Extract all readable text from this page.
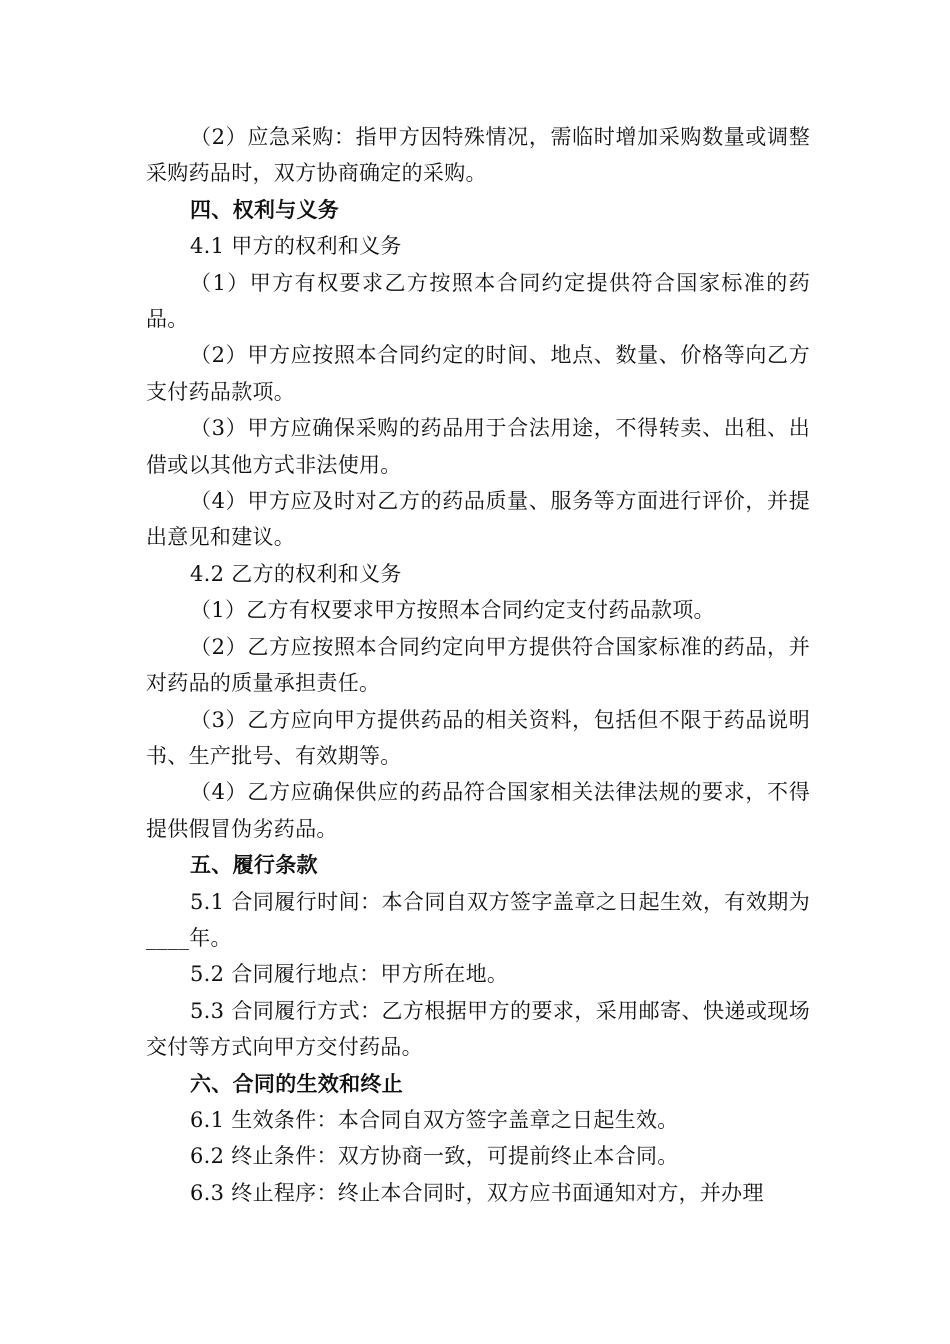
（2）应急采购：指甲方因特殊情况，需临时增加采购数量或调整采购药品时，双方协商确定的采购。

四、权利与义务

4.1 甲方的权利和义务

（1）甲方有权要求乙方按照本合同约定提供符合国家标准的药品。

（2）甲方应按照本合同约定的时间、地点、数量、价格等向乙方支付药品款项。

（3）甲方应确保采购的药品用于合法用途，不得转卖、出租、出借或以其他方式非法使用。

（4）甲方应及时对乙方的药品质量、服务等方面进行评价，并提出意见和建议。

4.2 乙方的权利和义务

（1）乙方有权要求甲方按照本合同约定支付药品款项。

（2）乙方应按照本合同约定向甲方提供符合国家标准的药品，并对药品的质量承担责任。

（3）乙方应向甲方提供药品的相关资料，包括但不限于药品说明书、生产批号、有效期等。

（4）乙方应确保供应的药品符合国家相关法律法规的要求，不得提供假冒伪劣药品。

五、履行条款

5.1 合同履行时间：本合同自双方签字盖章之日起生效，有效期为____年。

5.2 合同履行地点：甲方所在地。

5.3 合同履行方式：乙方根据甲方的要求，采用邮寄、快递或现场交付等方式向甲方交付药品。

六、合同的生效和终止

6.1 生效条件：本合同自双方签字盖章之日起生效。

6.2 终止条件：双方协商一致，可提前终止本合同。

6.3 终止程序：终止本合同时，双方应书面通知对方，并办理
